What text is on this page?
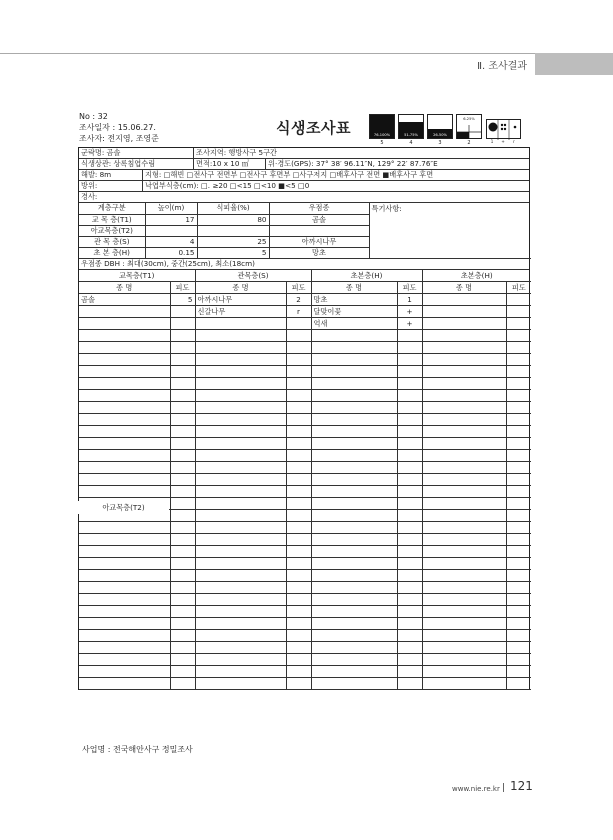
Ⅱ. 조사결과
No : 32
조사일자 : 15.06.27.
조사자: 전지영, 조영준
식생조사표	76-100%
5
51-75%
4
26-50%
3
6-25%
2	1	+	r
군락명: 곰솔	조사지역: 행방사구 5구간
식생상관: 상록침엽수림	면적:10 x 10 ㎡	위·경도(GPS): 37° 38′ 96.11″N, 129° 22′ 87.76″E
해발: 8m	지형: □해빈 □전사구 전면부 □전사구 후면부 □사구저지 □배후사구 전면 ■배후사구 후면
방위:	낙엽부식층(cm): □. ≥20 □<15 □<10 ■<5 □0
경사:
계층구분	높이(m)	식피율(%)	우점종	특기사항:
교 목 층(T1)	17	80	곰솔	
아교목층(T2)				
관 목 층(S)	4	25	아까시나무	
초 본 층(H)	0.15	5	망초	
우점종 DBH : 최대(30cm), 중간(25cm), 최소(18cm)
교목층(T1)		관목층(S)		초본층(H)		초본층(H)	
종 명	피도	종 명	피도	종 명	피도	종 명	피도
곰솔	5	아까시나무	2	망초	1		
		신갈나무	r	달맞이꽃	+		
				억새	+		

아교목층(T2)
사업명 : 전국해안사구 정밀조사
www.nie.re.kr 121
